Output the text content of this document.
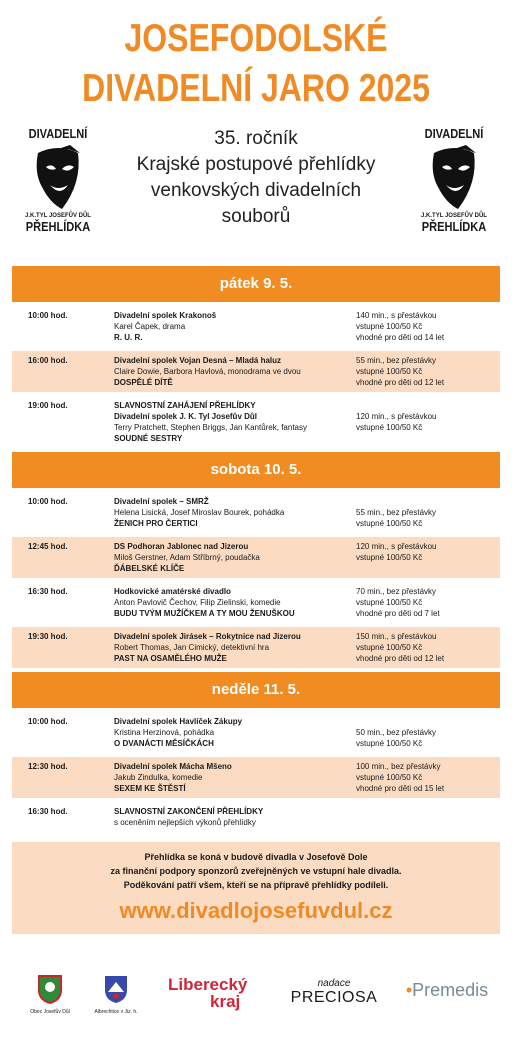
JOSEFODOLSKÉ
DIVADELNÍ JARO 2025
DIVADELNÍ
J.K.TYL JOSEFŮV DŮL
PŘEHLÍDKA
35. ročník
Krajské postupové přehlídky
venkovských divadelních
souborů
DIVADELNÍ
J.K.TYL JOSEFŮV DŮL
PŘEHLÍDKA
pátek 9. 5.
10:00 hod.	Divadelní spolek Krakonoš
Karel Čapek, drama
R. U. R.
140 min., s přestávkou
vstupné 100/50 Kč
vhodné pro děti od 14 let
16:00 hod.	Divadelní spolek Vojan Desná – Mladá haluz
Claire Dowie, Barbora Havlová, monodrama ve dvou
DOSPĚLÉ DÍTĚ
55 min., bez přestávky
vstupné 100/50 Kč
vhodné pro děti od 12 let
19:00 hod.	SLAVNOSTNÍ ZAHÁJENÍ PŘEHLÍDKY
Divadelní spolek J. K. Tyl Josefův Důl
Terry Pratchett, Stephen Briggs, Jan Kantůrek, fantasy
SOUDNÉ SESTRY

120 min., s přestávkou
vstupné 100/50 Kč
sobota 10. 5.
10:00 hod.	Divadelní spolek – SMRŽ
Helena Lisická, Josef Miroslav Bourek, pohádka
ŽENICH PRO ČERTICI

55 min., bez přestávky
vstupné 100/50 Kč
12:45 hod.	DS Podhoran Jablonec nad Jizerou
Miloš Gerstner, Adam Stříbrný, poudačka
ĎÁBELSKÉ KLÍČE
120 min., s přestávkou
vstupné 100/50 Kč
16:30 hod.	Hodkovické amatérské divadlo
Anton Pavlovič Čechov, Filip Zielinski, komedie
BUDU TVÝM MUŽÍČKEM A TY MOU ŽENUŠKOU
70 min., bez přestávky
vstupné 100/50 Kč
vhodné pro děti od 7 let
19:30 hod.	Divadelní spolek Jirásek – Rokytnice nad Jizerou
Robert Thomas, Jan Cimický, detektivní hra
PAST NA OSAMĚLÉHO MUŽE
150 min., s přestávkou
vstupné 100/50 Kč
vhodné pro děti od 12 let
neděle 11. 5.
10:00 hod.	Divadelní spolek Havlíček Zákupy
Kristina Herzinová, pohádka
O DVANÁCTI MĚSÍČKÁCH

50 min., bez přestávky
vstupné 100/50 Kč
12:30 hod.	Divadelní spolek Mácha Mšeno
Jakub Zindulka, komedie
SEXEM KE ŠTĚSTÍ
100 min., bez přestávky
vstupné 100/50 Kč
vhodné pro děti od 15 let
16:30 hod.	SLAVNOSTNÍ ZAKONČENÍ PŘEHLÍDKY
s oceněním nejlepších výkonů přehlídky
Přehlídka se koná v budově divadla v Josefově Dole
za finanční podpory sponzorů zveřejněných ve vstupní hale divadla.
Poděkování patří všem, kteří se na přípravě přehlídky podíleli.
www.divadlojosefuvdul.cz
Obec Josefův Důl	Albrechtice v Jiz. h.
Liberecký
kraj
nadace
PRECIOSA •Premedis
